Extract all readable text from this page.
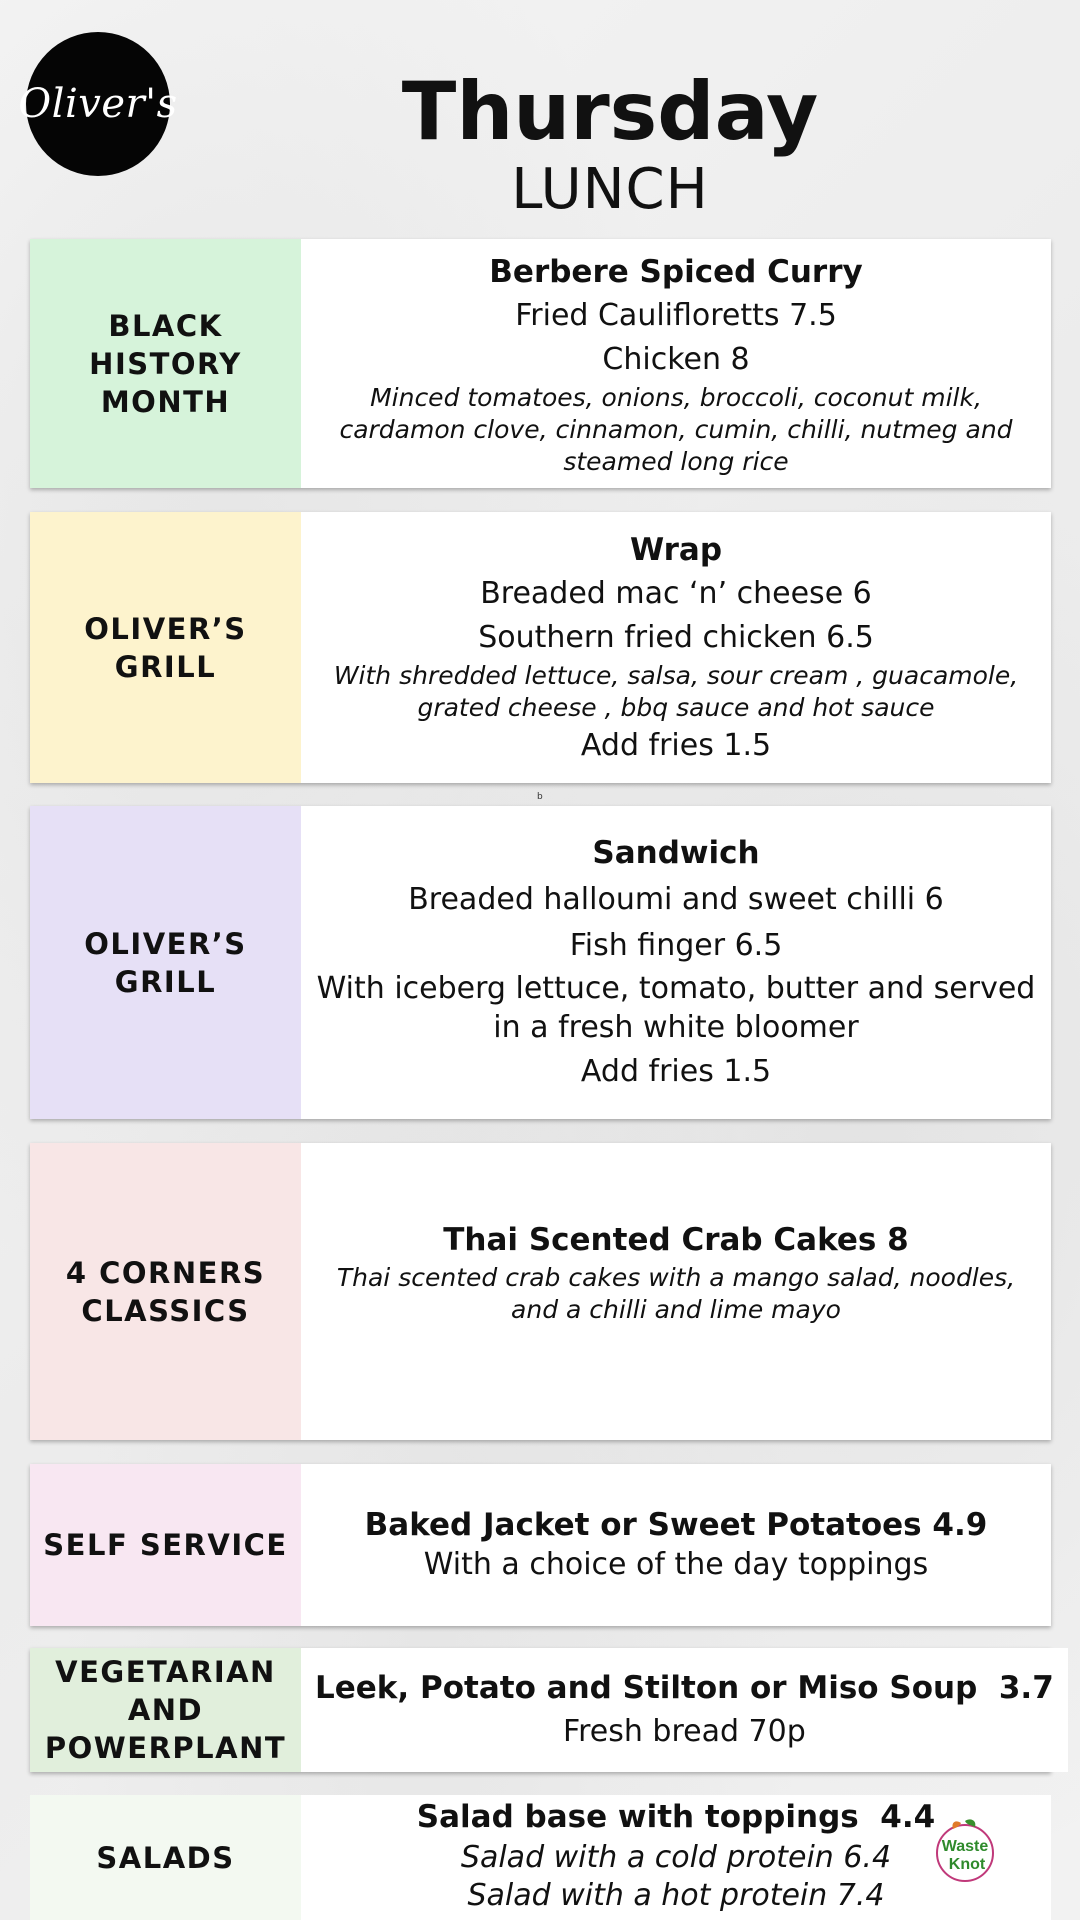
Oliver's	Thursday
LUNCH
BLACK HISTORY MONTH
Berbere Spiced Curry
Fried Caulifloretts 7.5
Chicken 8
Minced tomatoes, onions, broccoli, coconut milk, cardamon clove, cinnamon, cumin, chilli, nutmeg and steamed long rice
OLIVER’S GRILL
Wrap
Breaded mac ‘n’ cheese 6
Southern fried chicken 6.5
With shredded lettuce, salsa, sour cream , guacamole, grated cheese , bbq sauce and hot sauce
Add fries 1.5
b
OLIVER’S GRILL
Sandwich
Breaded halloumi and sweet chilli 6
Fish finger 6.5
With iceberg lettuce, tomato, butter and served in a fresh white bloomer
Add fries 1.5
4 CORNERS CLASSICS
Thai Scented Crab Cakes 8
Thai scented crab cakes with a mango salad, noodles, and a chilli and lime mayo
SELF SERVICE
Baked Jacket or Sweet Potatoes 4.9
With a choice of the day toppings
VEGETARIAN AND POWERPLANT
Leek, Potato and Stilton or Miso Soup  3.7
Fresh bread 70p
SALADS
Salad base with toppings  4.4
Salad with a cold protein 6.4
Salad with a hot protein 7.4
Waste
Knot
